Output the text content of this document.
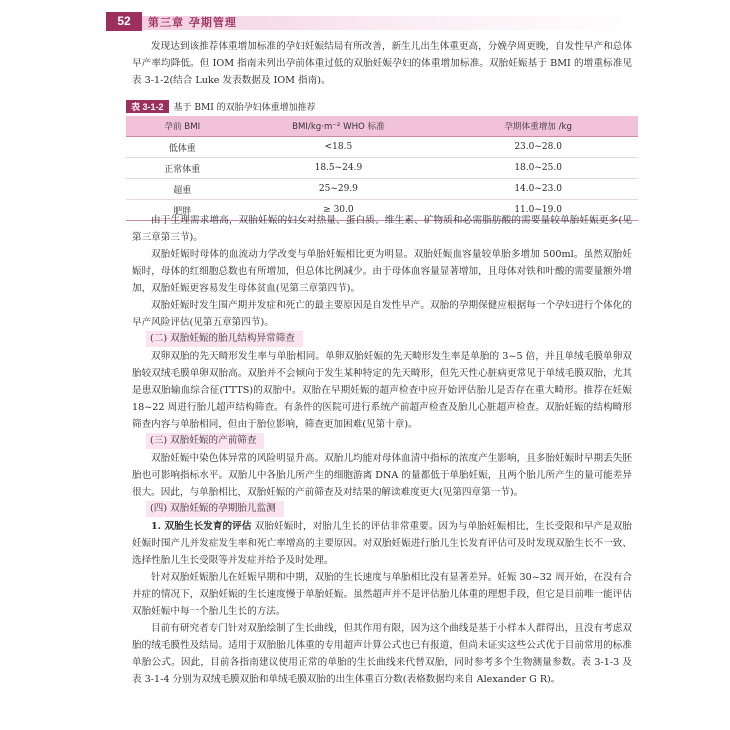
52	第三章 孕期管理

发现达到该推荐体重增加标准的孕妇妊娠结局有所改善，新生儿出生体重更高，分娩孕周更晚，自发性早产和总体早产率均降低。但 IOM 指南未列出孕前体重过低的双胎妊娠孕妇的体重增加标准。双胎妊娠基于 BMI 的增重标准见表 3-1-2(结合 Luke 发表数据及 IOM 指南)。

表 3-1-2 基于 BMI 的双胎孕妇体重增加推荐
孕前 BMI	BMI/kg·m⁻² WHO 标准	孕期体重增加 /kg
低体重	<18.5	23.0~28.0
正常体重	18.5~24.9	18.0~25.0
超重	25~29.9	14.0~23.0
肥胖	≥ 30.0	11.0~19.0

由于生理需求增高，双胎妊娠的妇女对热量、蛋白质、维生素、矿物质和必需脂肪酸的需要量较单胎妊娠更多(见第三章第三节)。

双胎妊娠时母体的血流动力学改变与单胎妊娠相比更为明显。双胎妊娠血容量较单胎多增加 500ml。虽然双胎妊娠时，母体的红细胞总数也有所增加，但总体比例减少。由于母体血容量显著增加，且母体对铁和叶酸的需要量额外增加，双胎妊娠更容易发生母体贫血(见第三章第四节)。

双胎妊娠时发生围产期并发症和死亡的最主要原因是自发性早产。双胎的孕期保健应根据每一个孕妇进行个体化的早产风险评估(见第五章第四节)。

(二) 双胎妊娠的胎儿结构异常筛查

双卵双胎的先天畸形发生率与单胎相同。单卵双胎妊娠的先天畸形发生率是单胎的 3~5 倍，并且单绒毛膜单卵双胎较双绒毛膜单卵双胎高。双胎并不会倾向于发生某种特定的先天畸形，但先天性心脏病更常见于单绒毛膜双胎，尤其是患双胎输血综合征(TTTS)的双胎中。双胎在早期妊娠的超声检查中应开始评估胎儿是否存在重大畸形。推荐在妊娠 18~22 周进行胎儿超声结构筛查。有条件的医院可进行系统产前超声检查及胎儿心脏超声检查。双胎妊娠的结构畸形筛查内容与单胎相同，但由于胎位影响，筛查更加困难(见第十章)。

(三) 双胎妊娠的产前筛查

双胎妊娠中染色体异常的风险明显升高。双胎儿均能对母体血清中指标的浓度产生影响，且多胎妊娠时早期丢失胚胎也可影响指标水平。双胎儿中各胎儿所产生的细胞游离 DNA 的量都低于单胎妊娠，且两个胎儿所产生的量可能差异很大。因此，与单胎相比，双胎妊娠的产前筛查及对结果的解读难度更大(见第四章第一节)。

(四) 双胎妊娠的孕期胎儿监测

1. 双胎生长发育的评估 双胎妊娠时，对胎儿生长的评估非常重要。因为与单胎妊娠相比，生长受限和早产是双胎妊娠时围产儿并发症发生率和死亡率增高的主要原因。对双胎妊娠进行胎儿生长发育评估可及时发现双胎生长不一致、选择性胎儿生长受限等并发症并给予及时处理。

针对双胎妊娠胎儿在妊娠早期和中期，双胎的生长速度与单胎相比没有显著差异。妊娠 30~32 周开始，在没有合并症的情况下，双胎妊娠的生长速度慢于单胎妊娠。虽然超声并不是评估胎儿体重的理想手段，但它是目前唯一能评估双胎妊娠中每一个胎儿生长的方法。

目前有研究者专门针对双胎绘制了生长曲线，但其作用有限，因为这个曲线是基于小样本人群得出，且没有考虑双胎的绒毛膜性及结局。适用于双胎胎儿体重的专用超声计算公式也已有报道，但尚未证实这些公式优于目前常用的标准单胎公式。因此，目前各指南建议使用正常的单胎的生长曲线来代替双胎，同时参考多个生物测量参数。表 3-1-3 及表 3-1-4 分别为双绒毛膜双胎和单绒毛膜双胎的出生体重百分数(表格数据均来自 Alexander G R)。
